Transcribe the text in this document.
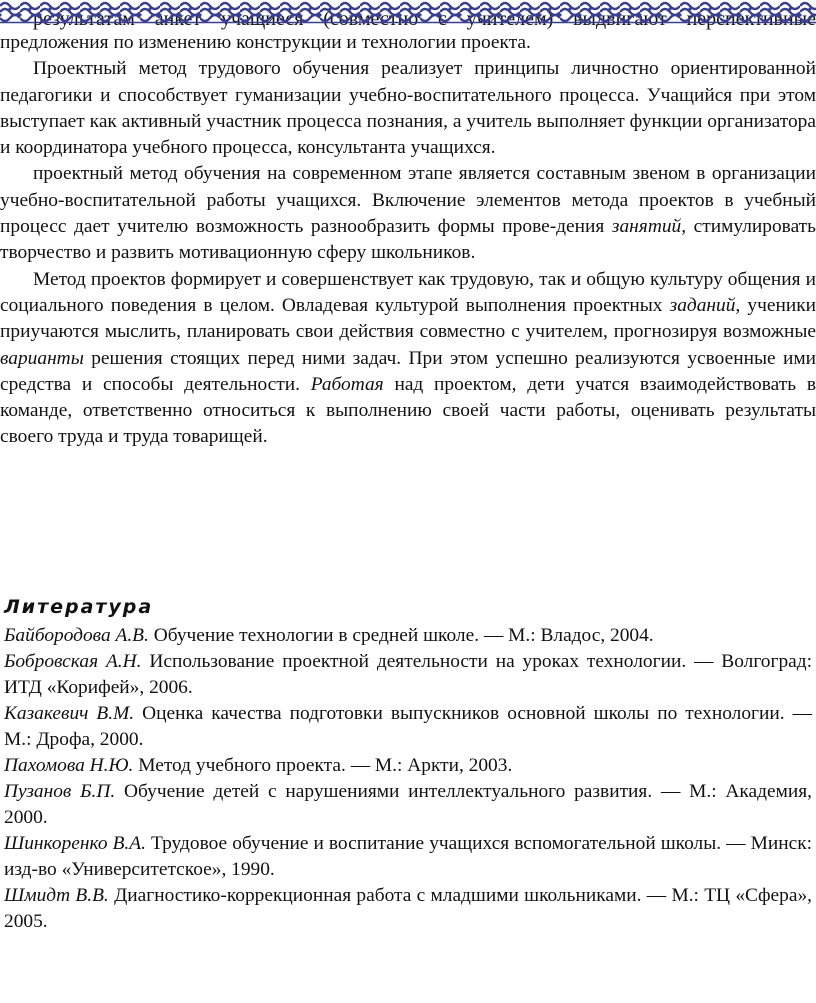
предложения по изменению конструкции и технологии проекта.

Проектный метод трудового обучения реализует принципы личностно ориентированной педагогики и способствует гуманизации учебно-воспитательного процесса. Учащийся при этом выступает как активный участник процесса познания, а учитель выполняет функции организатора и координатора учебного процесса, консультанта учащихся.

проектный метод обучения на современном этапе является составным звеном в организации учебно-воспитательной работы учащихся. Включение элементов метода проектов в учебный процесс дает учителю возможность разнообразить формы прове-дения занятий, стимулировать творчество и развить мотивационную сферу школьников.

Метод проектов формирует и совершенствует как трудовую, так и общую культуру общения и социального поведения в целом. Овладевая культурой выполнения проектных заданий, ученики приучаются мыслить, планировать свои действия совместно с учителем, прогнозируя возможные варианты решения стоящих перед ними задач. При этом успешно реализуются усвоенные ими средства и способы деятельности. Работая над проектом, дети учатся взаимодействовать в команде, ответственно относиться к выполнению своей части работы, оценивать результаты своего труда и труда товарищей.

Литература

Байбородова А.В. Обучение технологии в средней школе. — М.: Владос, 2004.

Бобровская А.Н. Использование проектной деятельности на уроках технологии. — Волгоград: ИТД «Корифей», 2006.

Казакевич В.М. Оценка качества подготовки выпускников основной школы по технологии. — М.: Дрофа, 2000.

Пахомова Н.Ю. Метод учебного проекта. — М.: Аркти, 2003.

Пузанов Б.П. Обучение детей с нарушениями интеллектуального развития. — М.: Академия, 2000.

Шинкоренко В.А. Трудовое обучение и воспитание учащихся вспомогательной школы. — Минск: изд-во «Университетское», 1990.

Шмидт В.В. Диагностико-коррекционная работа с младшими школьниками. — М.: ТЦ «Сфера», 2005.
